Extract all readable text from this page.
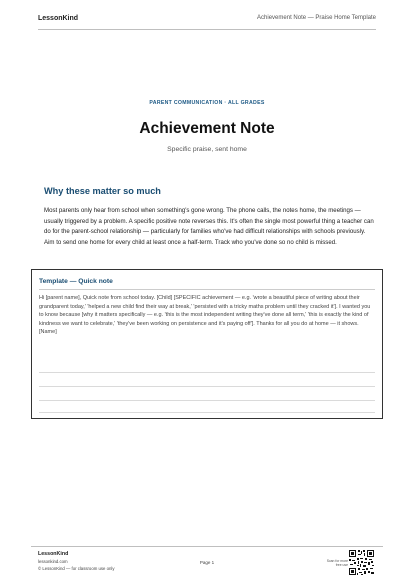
LessonKind	Achievement Note — Praise Home Template
PARENT COMMUNICATION · ALL GRADES
Achievement Note
Specific praise, sent home
Why these matter so much
Most parents only hear from school when something's gone wrong. The phone calls, the notes home, the meetings — usually triggered by a problem. A specific positive note reverses this. It's often the single most powerful thing a teacher can do for the parent-school relationship — particularly for families who've had difficult relationships with schools previously. Aim to send one home for every child at least once a half-term. Track who you've done so no child is missed.
Template — Quick note
Hi [parent name], Quick note from school today. [Child] [SPECIFIC achievement — e.g. 'wrote a beautiful piece of writing about their grandparent today,' 'helped a new child find their way at break,' 'persisted with a tricky maths problem until they cracked it']. I wanted you to know because [why it matters specifically — e.g. 'this is the most independent writing they've done all term,' 'this is exactly the kind of kindness we want to celebrate,' 'they've been working on persistence and it's paying off']. Thanks for all you do at home — it shows. [Name]
LessonKind
lessonkind.com
© LessonKind — for classroom use only
Page 1	Scan for more free use
